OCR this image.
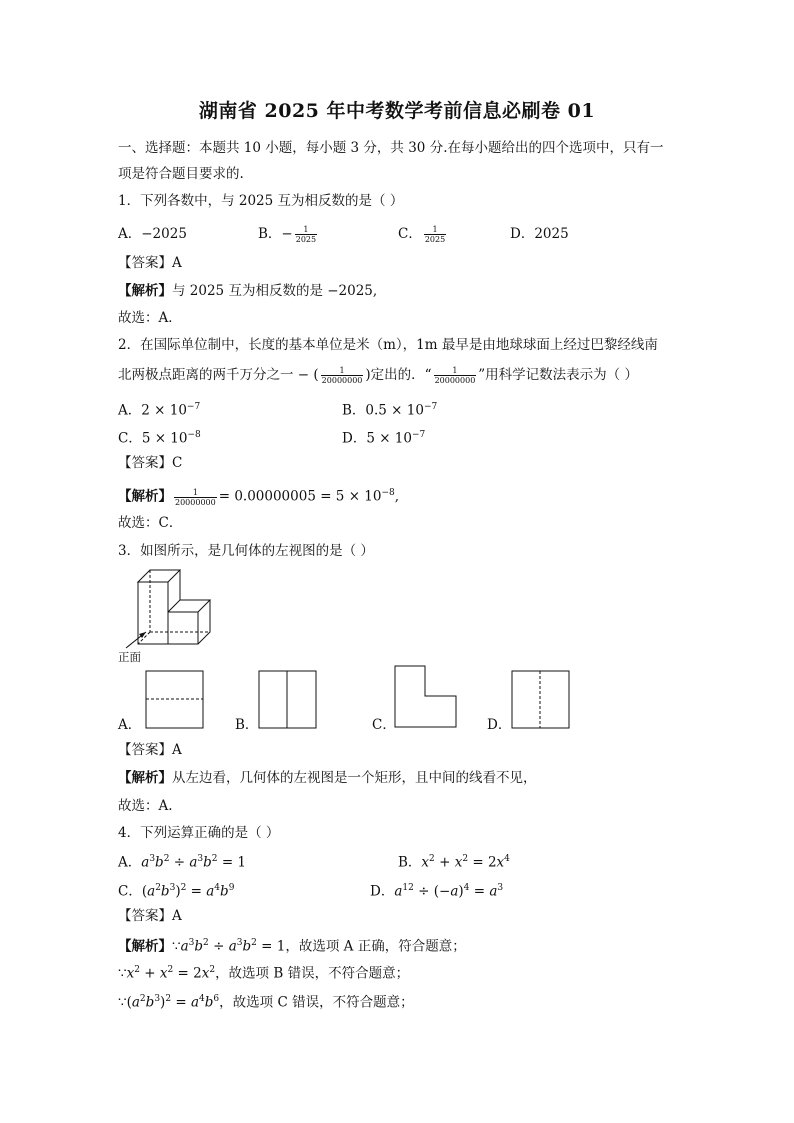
湖南省 2025 年中考数学考前信息必刷卷 01
一、选择题：本题共 10 小题，每小题 3 分，共 30 分.在每小题给出的四个选项中，只有一
项是符合题目要求的.
1．下列各数中，与 2025 互为相反数的是（ ）
A．−2025	B．− $\frac{1}{2025}$	C． $\frac{1}{2025}$	D．2025
【答案】A
【解析】与 2025 互为相反数的是 −2025,
故选：A．
2．在国际单位制中，长度的基本单位是米（m），1m 最早是由地球球面上经过巴黎经线南
北两极点距离的两千万分之一 − ( $\frac{1}{20000000}$ )定出的．“ $\frac{1}{20000000}$ ”用科学记数法表示为（ ）
A．$2 \times 10^{-7}$	B．$0.5 \times 10^{-7}$
C．$5 \times 10^{-8}$	D．$5 \times 10^{-7}$
【答案】C
【解析】 $\frac{1}{20000000} = 0.00000005 = 5 \times 10^{-8}$,
故选：C．
3．如图所示，是几何体的左视图的是（ ）
正面
A．	B．	C．	D．
【答案】A
【解析】从左边看，几何体的左视图是一个矩形，且中间的线看不见，
故选：A.
4．下列运算正确的是（ ）
A．$a^3b^2 \div a^3b^2 = 1$	B．$x^2 + x^2 = 2x^4$
C．$(a^2b^3)^2 = a^4b^9$	D．$a^{12} \div (-a)^4 = a^3$
【答案】A
【解析】$\because a^3b^2 \div a^3b^2 = 1$，故选项 A 正确，符合题意；
$\because x^2 + x^2 = 2x^2$，故选项 B 错误，不符合题意；
$\because(a^2b^3)^2 = a^4b^6$，故选项 C 错误，不符合题意；
